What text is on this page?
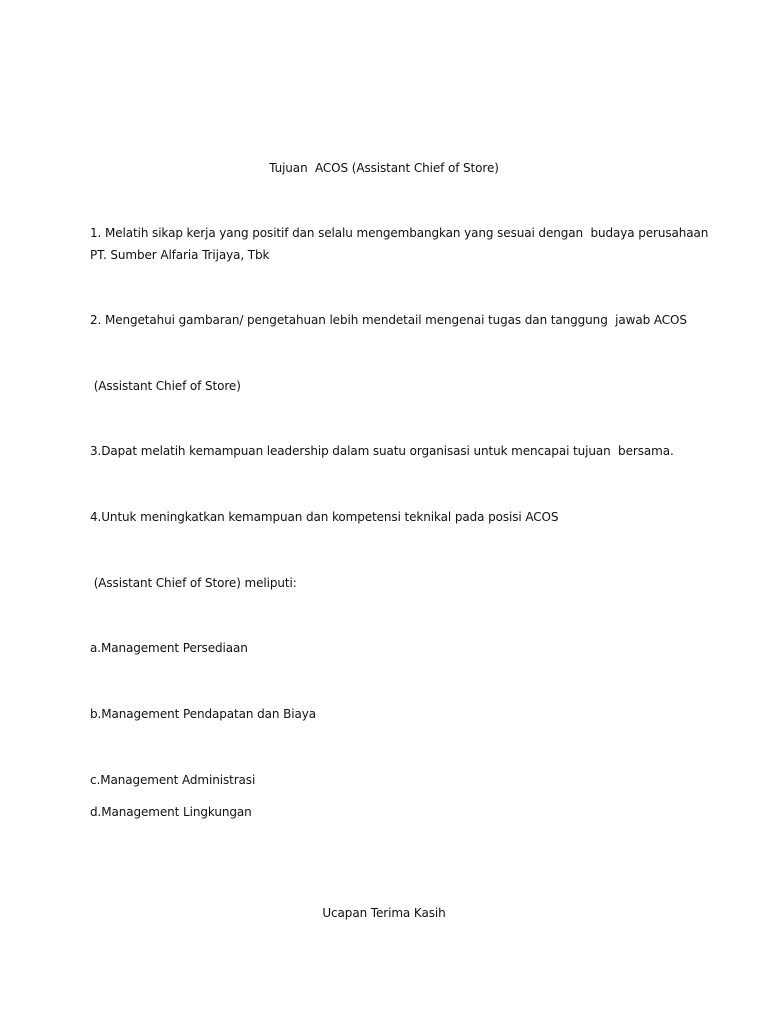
Tujuan  ACOS (Assistant Chief of Store)
1. Melatih sikap kerja yang positif dan selalu mengembangkan yang sesuai dengan  budaya perusahaan
PT. Sumber Alfaria Trijaya, Tbk
2. Mengetahui gambaran/ pengetahuan lebih mendetail mengenai tugas dan tanggung  jawab ACOS
(Assistant Chief of Store)
3.Dapat melatih kemampuan leadership dalam suatu organisasi untuk mencapai tujuan  bersama.
4.Untuk meningkatkan kemampuan dan kompetensi teknikal pada posisi ACOS
(Assistant Chief of Store) meliputi:
a.Management Persediaan
b.Management Pendapatan dan Biaya
c.Management Administrasi
d.Management Lingkungan
Ucapan Terima Kasih
